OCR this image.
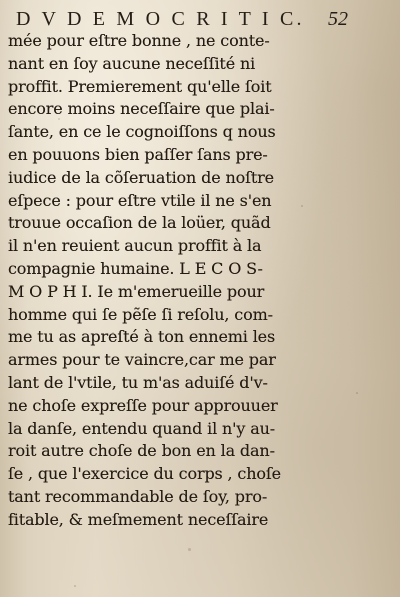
D V D E M O C R I T I C. 52
mée pour eſtre bonne , ne conte-
nant en ſoy aucune neceſſité ni
proffit. Premierement qu'elle ſoit
encore moins neceſſaire que plai-
ſante, en ce le cognoiſſons q nous
en pouuons bien paſſer ſans pre-
iudice de la cõſeruation de noſtre
eſpece : pour eſtre vtile il ne s'en
trouue occaſion de la loüer, quãd
il n'en reuient aucun proffit à la
compagnie humaine. L E C O S-
M O P H I. Ie m'emerueille pour
homme qui ſe pẽſe ſi reſolu, com-
me tu as apreſté à ton ennemi les
armes pour te vaincre,car me par
lant de l'vtile, tu m'as aduiſé d'v-
ne choſe expreſſe pour approuuer
la danſe, entendu quand il n'y au-
roit autre choſe de bon en la dan-
ſe , que l'exercice du corps , choſe
tant recommandable de ſoy, pro-
fitable, & meſmement neceſſaire
